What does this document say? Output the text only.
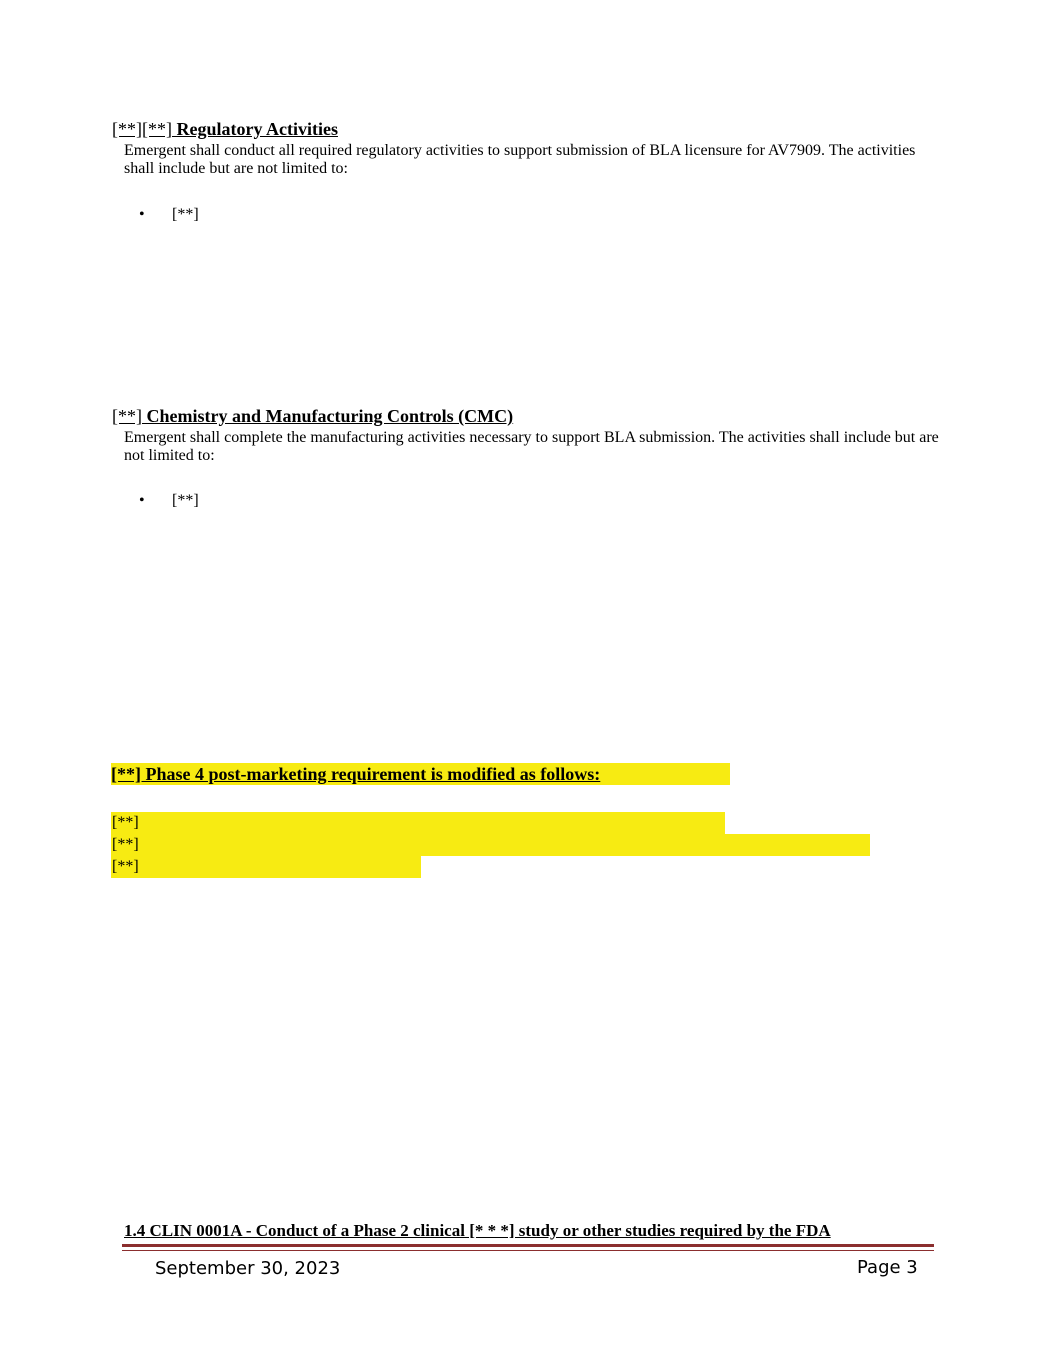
[**][**] Regulatory Activities
Emergent shall conduct all required regulatory activities to support submission of BLA licensure for AV7909. The activities shall include but are not limited to:
• [**]
[**] Chemistry and Manufacturing Controls (CMC)
Emergent shall complete the manufacturing activities necessary to support BLA submission. The activities shall include but are not limited to:
• [**]
[**] Phase 4 post-marketing requirement is modified as follows:
[**]
[**]
[**]
1.4 CLIN 0001A - Conduct of a Phase 2 clinical [* * *] study or other studies required by the FDA
September 30, 2023	Page 3
